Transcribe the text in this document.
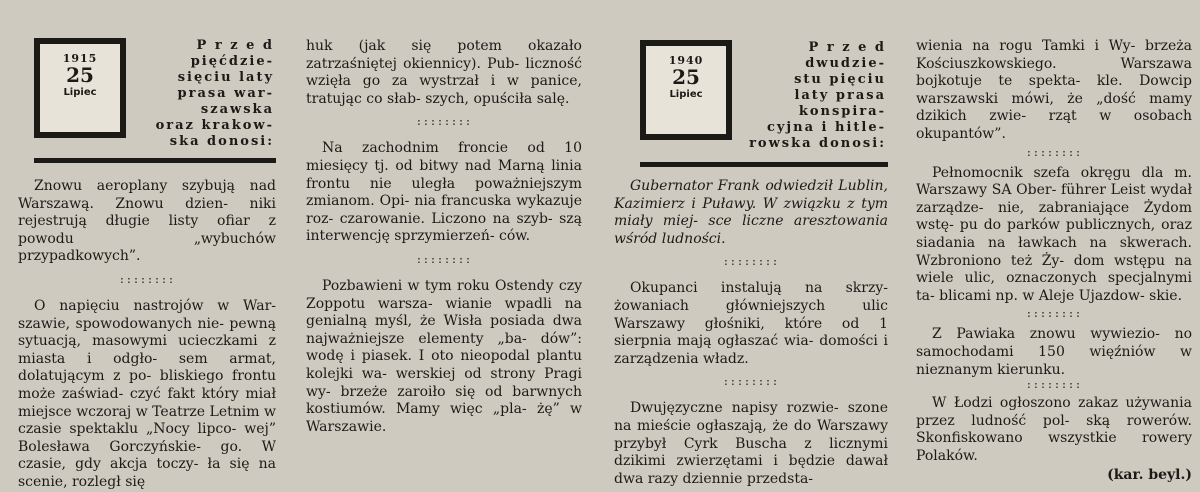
1915
25
Lipiec
P r z e d
pięćdzie-
sięciu laty
prasa war-
szawska
oraz krakow-
ska donosi:

Znowu aeroplany szybują nad Warszawą. Znowu dzien- niki rejestrują długie listy ofiar z powodu „wybuchów przypadkowych”.

::::::::

O napięciu nastrojów w War- szawie, spowodowanych nie- pewną sytuacją, masowymi ucieczkami z miasta i odgło- sem armat, dolatującym z po- bliskiego frontu może zaświad- czyć fakt który miał miejsce wczoraj w Teatrze Letnim w czasie spektaklu „Nocy lipco- wej” Bolesława Gorczyńskie- go. W czasie, gdy akcja toczy- ła się na scenie, rozległ się

huk (jak się potem okazało zatrzaśniętej okiennicy). Pub- liczność wzięła go za wystrzał i w panice, tratując co słab- szych, opuściła salę.

::::::::

Na zachodnim froncie od 10 miesięcy tj. od bitwy nad Marną linia frontu nie uległa poważniejszym zmianom. Opi- nia francuska wykazuje roz- czarowanie. Liczono na szyb- szą interwencję sprzymierzeń- ców.

::::::::

Pozbawieni w tym roku Ostendy czy Zoppotu warsza- wianie wpadli na genialną myśl, że Wisła posiada dwa najważniejsze elementy „ba- dów”: wodę i piasek. I oto nieopodal plantu kolejki wa- werskiej od strony Pragi wy- brzeże zaroiło się od barwnych kostiumów. Mamy więc „pla- żę” w Warszawie.

1940
25
Lipiec
P r z e d
dwudzie-
stu pięciu
laty prasa
konspira-
cyjna i hitle-
rowska donosi:

Gubernator Frank odwiedził Lublin, Kazimierz i Puławy. W związku z tym miały miej- sce liczne aresztowania wśród ludności.

::::::::

Okupanci instalują na skrzy- żowaniach główniejszych ulic Warszawy głośniki, które od 1 sierpnia mają ogłaszać wia- domości i zarządzenia władz.

::::::::

Dwujęzyczne napisy rozwie- szone na mieście ogłaszają, że do Warszawy przybył Cyrk Buscha z licznymi dzikimi zwierzętami i będzie dawał dwa razy dziennie przedsta-

wienia na rogu Tamki i Wy- brzeża Kościuszkowskiego.	Warszawa bojkotuje te spekta- kle. Dowcip warszawski mówi, że „dość mamy dzikich zwie- rząt w osobach okupantów”.

::::::::

Pełnomocnik szefa okręgu dla m. Warszawy SA Ober- führer Leist wydał zarządze- nie, zabraniające Żydom wstę- pu do parków publicznych, oraz siadania na ławkach na skwerach. Wzbroniono też Ży- dom wstępu na wiele ulic, oznaczonych specjalnymi ta- blicami np. w Aleje Ujazdow- skie.

::::::::

Z Pawiaka znowu wywiezio- no samochodami 150 więźniów w nieznanym kierunku.

::::::::

W Łodzi ogłoszono zakaz używania przez ludność pol- ską rowerów. Skonfiskowano wszystkie rowery Polaków.

(kar. beyl.)
